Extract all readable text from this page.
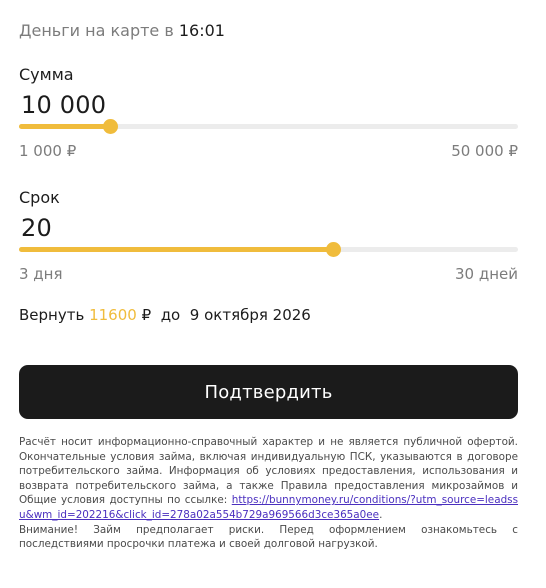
Деньги на карте в 16:01
Сумма
10 000
1 000 ₽	50 000 ₽
Срок
20
3 дня	30 дней
Вернуть 11600 ₽ до 9 октября 2026
Подтвердить

Расчёт носит информационно-справочный характер и не является публичной офертой. Окончательные условия займа, включая индивидуальную ПСК, указываются в договоре потребительского займа. Информация об условиях предоставления, использования и возврата потребительского займа, а также Правила предоставления микрозаймов и Общие условия доступны по ссылке: https://bunnymoney.ru/conditions/?utm_source=leadssu&wm_id=202216&click_id=278a02a554b729a969566d3ce365a0ee.

Внимание! Займ предполагает риски. Перед оформлением ознакомьтесь с последствиями просрочки платежа и своей долговой нагрузкой.
